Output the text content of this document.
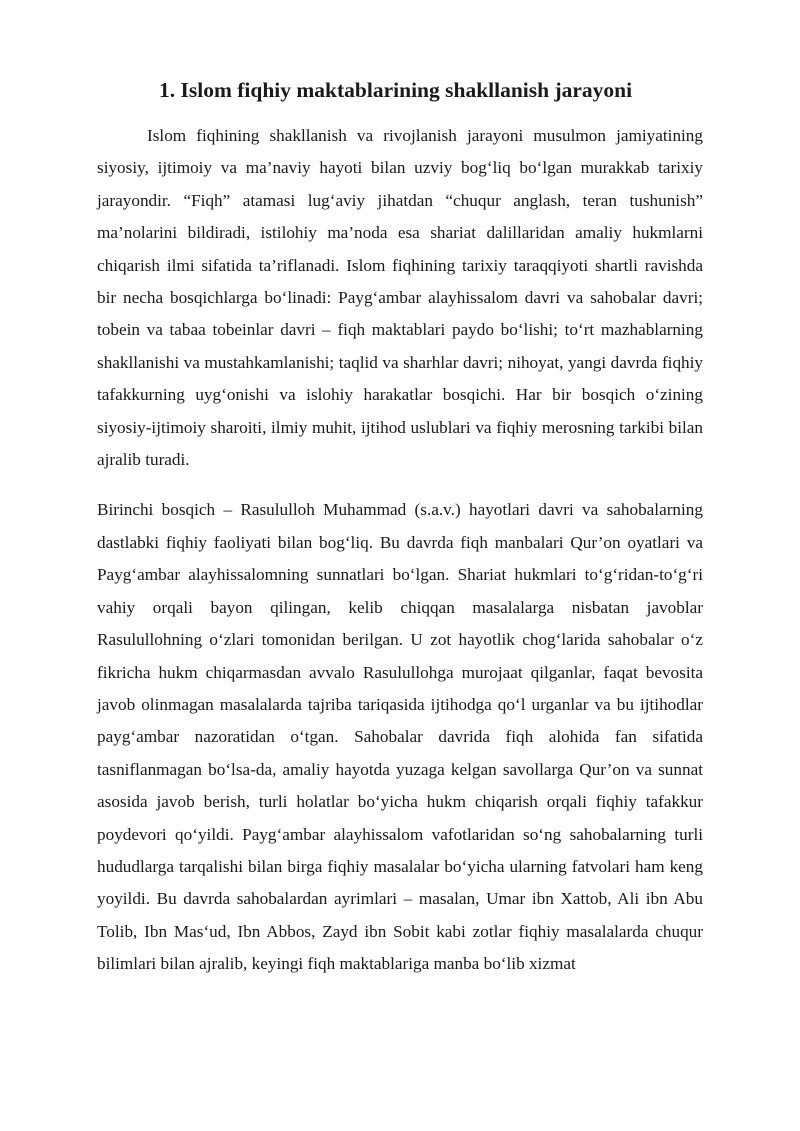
1. Islom fiqhiy maktablarining shakllanish jarayoni

Islom fiqhining shakllanish va rivojlanish jarayoni musulmon jamiyatining siyosiy, ijtimoiy va ma’naviy hayoti bilan uzviy bog‘liq bo‘lgan murakkab tarixiy jarayondir. “Fiqh” atamasi lug‘aviy jihatdan “chuqur anglash, teran tushunish” ma’nolarini bildiradi, istilohiy ma’noda esa shariat dalillaridan amaliy hukmlarni chiqarish ilmi sifatida ta’riflanadi. Islom fiqhining tarixiy taraqqiyoti shartli ravishda bir necha bosqichlarga bo‘linadi: Payg‘ambar alayhissalom davri va sahobalar davri; tobein va tabaa tobeinlar davri – fiqh maktablari paydo bo‘lishi; to‘rt mazhablarning shakllanishi va mustahkamlanishi; taqlid va sharhlar davri; nihoyat, yangi davrda fiqhiy tafakkurning uyg‘onishi va islohiy harakatlar bosqichi. Har bir bosqich o‘zining siyosiy-ijtimoiy sharoiti, ilmiy muhit, ijtihod uslublari va fiqhiy merosning tarkibi bilan ajralib turadi.

Birinchi bosqich – Rasululloh Muhammad (s.a.v.) hayotlari davri va sahobalarning dastlabki fiqhiy faoliyati bilan bog‘liq. Bu davrda fiqh manbalari Qur’on oyatlari va Payg‘ambar alayhissalomning sunnatlari bo‘lgan. Shariat hukmlari to‘g‘ridan-to‘g‘ri vahiy orqali bayon qilingan, kelib chiqqan masalalarga nisbatan javoblar Rasulullohning o‘zlari tomonidan berilgan. U zot hayotlik chog‘larida sahobalar o‘z fikricha hukm chiqarmasdan avvalo Rasulullohga murojaat qilganlar, faqat bevosita javob olinmagan masalalarda tajriba tariqasida ijtihodga qo‘l urganlar va bu ijtihodlar payg‘ambar nazoratidan o‘tgan. Sahobalar davrida fiqh alohida fan sifatida tasniflanmagan bo‘lsa-da, amaliy hayotda yuzaga kelgan savollarga Qur’on va sunnat asosida javob berish, turli holatlar bo‘yicha hukm chiqarish orqali fiqhiy tafakkur poydevori qo‘yildi. Payg‘ambar alayhissalom vafotlaridan so‘ng sahobalarning turli hududlarga tarqalishi bilan birga fiqhiy masalalar bo‘yicha ularning fatvolari ham keng yoyildi. Bu davrda sahobalardan ayrimlari – masalan, Umar ibn Xattob, Ali ibn Abu Tolib, Ibn Mas‘ud, Ibn Abbos, Zayd ibn Sobit kabi zotlar fiqhiy masalalarda chuqur bilimlari bilan ajralib, keyingi fiqh maktablariga manba bo‘lib xizmat
